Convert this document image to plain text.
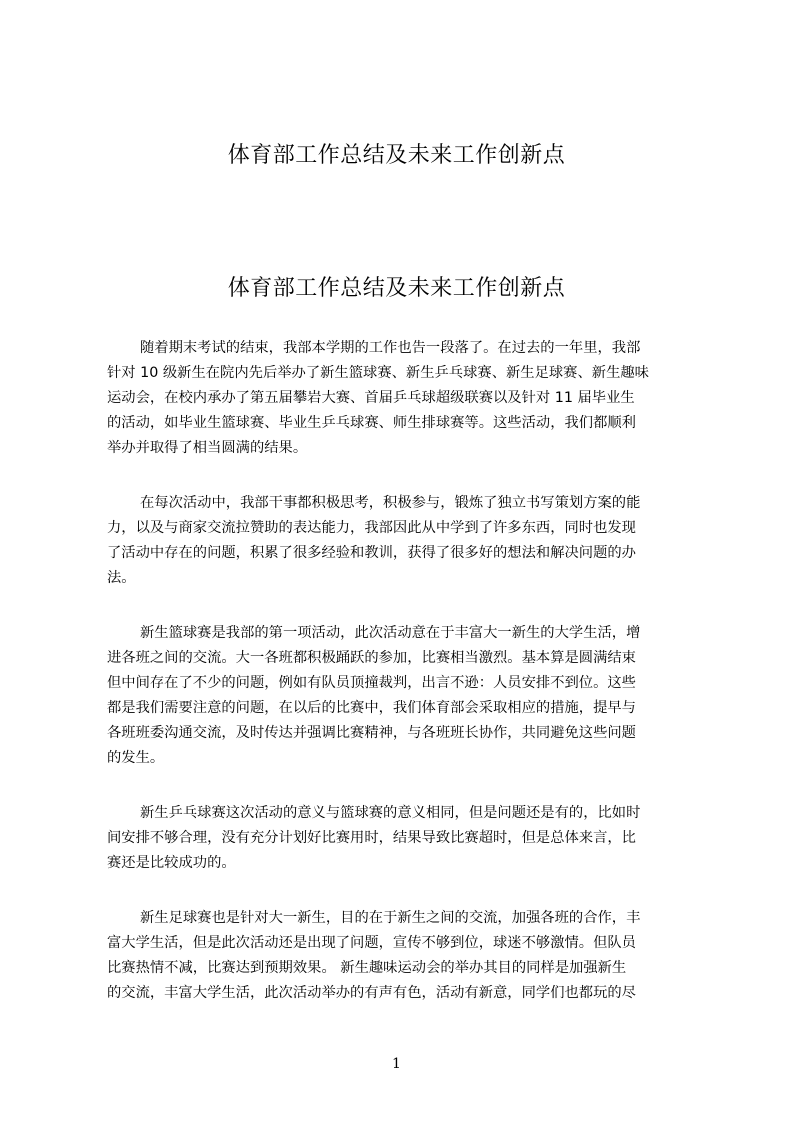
体育部工作总结及未来工作创新点
体育部工作总结及未来工作创新点
随着期末考试的结束，我部本学期的工作也告一段落了。在过去的一年里，我部
针对 10 级新生在院内先后举办了新生篮球赛、新生乒乓球赛、新生足球赛、新生趣味
运动会，在校内承办了第五届攀岩大赛、首届乒乓球超级联赛以及针对 11 届毕业生
的活动，如毕业生篮球赛、毕业生乒乓球赛、师生排球赛等。这些活动，我们都顺利
举办并取得了相当圆满的结果。
在每次活动中，我部干事都积极思考，积极参与，锻炼了独立书写策划方案的能
力，以及与商家交流拉赞助的表达能力，我部因此从中学到了许多东西，同时也发现
了活动中存在的问题，积累了很多经验和教训，获得了很多好的想法和解决问题的办
法。
新生篮球赛是我部的第一项活动，此次活动意在于丰富大一新生的大学生活，增
进各班之间的交流。大一各班都积极踊跃的参加，比赛相当激烈。基本算是圆满结束
但中间存在了不少的问题，例如有队员顶撞裁判，出言不逊：人员安排不到位。这些
都是我们需要注意的问题，在以后的比赛中，我们体育部会采取相应的措施，提早与
各班班委沟通交流，及时传达并强调比赛精神，与各班班长协作，共同避免这些问题
的发生。
新生乒乓球赛这次活动的意义与篮球赛的意义相同，但是问题还是有的，比如时
间安排不够合理，没有充分计划好比赛用时，结果导致比赛超时，但是总体来言，比
赛还是比较成功的。
新生足球赛也是针对大一新生，目的在于新生之间的交流，加强各班的合作，丰
富大学生活，但是此次活动还是出现了问题，宣传不够到位，球迷不够激情。但队员
比赛热情不减，比赛达到预期效果。 新生趣味运动会的举办其目的同样是加强新生
的交流，丰富大学生活，此次活动举办的有声有色，活动有新意，同学们也都玩的尽
1
